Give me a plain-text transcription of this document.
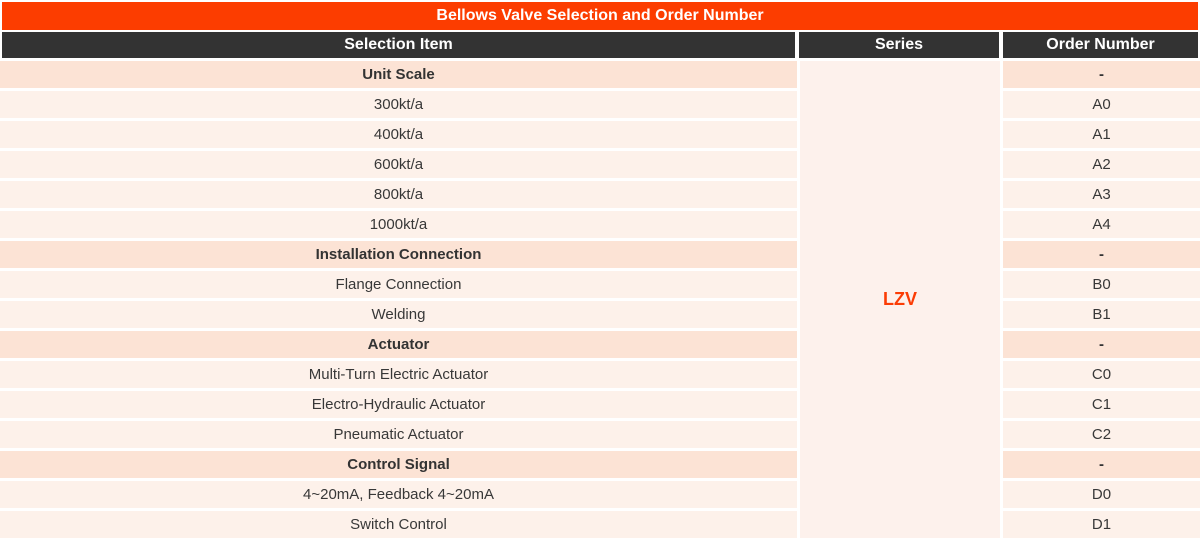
Bellows Valve Selection and Order Number
Selection Item	Series	Order Number
Unit Scale
300kt/a
400kt/a
600kt/a
800kt/a
1000kt/a
Installation Connection
Flange Connection
Welding
Actuator
Multi-Turn Electric Actuator
Electro-Hydraulic Actuator
Pneumatic Actuator
Control Signal
4~20mA, Feedback 4~20mA
Switch Control
LZV
-
A0
A1
A2
A3
A4
-
B0
B1
-
C0
C1
C2
-
D0
D1
